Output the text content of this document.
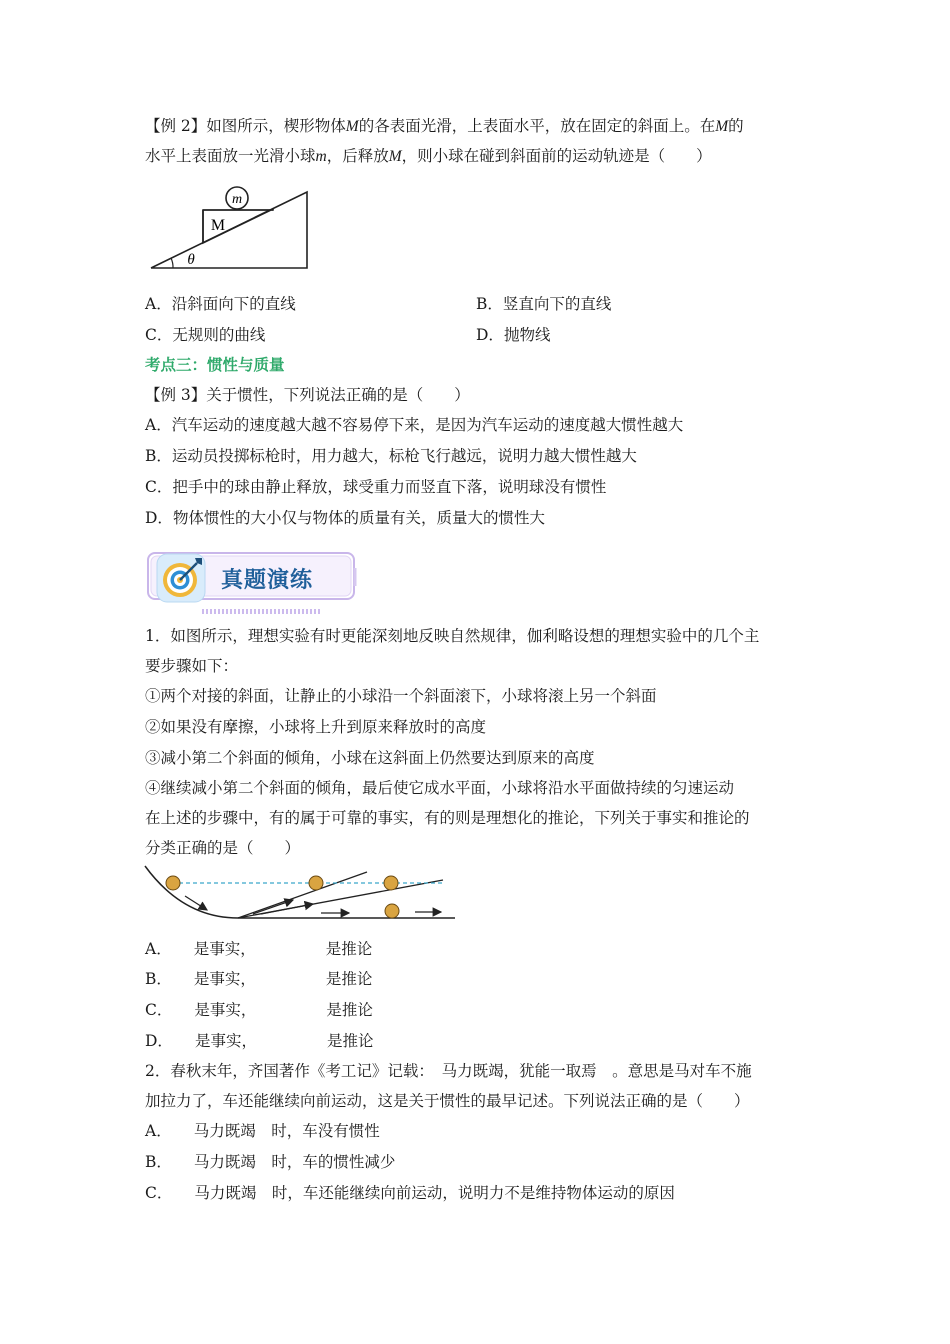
【例 2】如图所示，楔形物体M的各表面光滑，上表面水平，放在固定的斜面上。在M的
水平上表面放一光滑小球m，后释放M，则小球在碰到斜面前的运动轨迹是（　　）
m
M
θ
A．沿斜面向下的直线	B．竖直向下的直线
C．无规则的曲线	D．抛物线
考点三：惯性与质量
【例 3】关于惯性，下列说法正确的是（　　）
A．汽车运动的速度越大越不容易停下来，是因为汽车运动的速度越大惯性越大
B．运动员投掷标枪时，用力越大，标枪飞行越远，说明力越大惯性越大
C．把手中的球由静止释放，球受重力而竖直下落，说明球没有惯性
D．物体惯性的大小仅与物体的质量有关，质量大的惯性大
真题演练
1．如图所示，理想实验有时更能深刻地反映自然规律，伽利略设想的理想实验中的几个主
要步骤如下：
①两个对接的斜面，让静止的小球沿一个斜面滚下，小球将滚上另一个斜面
②如果没有摩擦，小球将上升到原来释放时的高度
③减小第二个斜面的倾角，小球在这斜面上仍然要达到原来的高度
④继续减小第二个斜面的倾角，最后使它成水平面，小球将沿水平面做持续的匀速运动
在上述的步骤中，有的属于可靠的事实，有的则是理想化的推论，下列关于事实和推论的
分类正确的是（　　）
A． 是事实，	是推论
B． 是事实，	是推论
C． 是事实，	是推论
D． 是事实，	是推论
2．春秋末年，齐国著作《考工记》记载：　马力既竭，犹能一取焉　。意思是马对车不施
加拉力了，车还能继续向前运动，这是关于惯性的最早记述。下列说法正确的是（　　）
A． 马力既竭　时，车没有惯性
B． 马力既竭　时，车的惯性减少
C． 马力既竭　时，车还能继续向前运动，说明力不是维持物体运动的原因
